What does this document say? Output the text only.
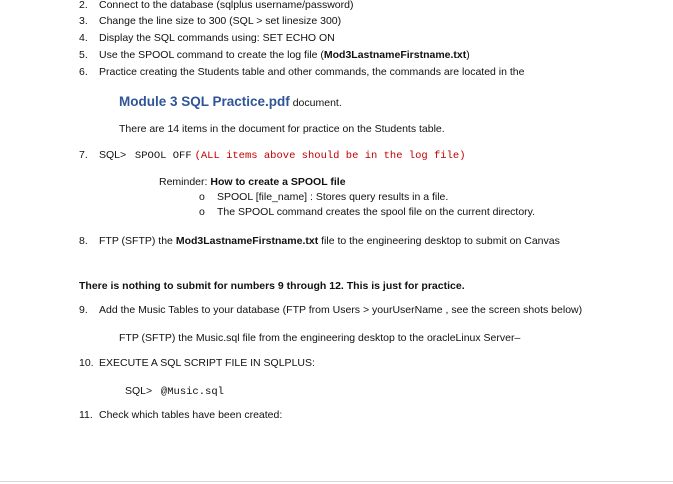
2. Connect to the database (sqlplus username/password)
3. Change the line size to 300 (SQL > set linesize 300)
4. Display the SQL commands using: SET ECHO ON
5. Use the SPOOL command to create the log file (Mod3LastnameFirstname.txt)
6. Practice creating the Students table and other commands, the commands are located in the
Module 3 SQL Practice.pdf document.
There are 14 items in the document for practice on the Students table.
7. SQL> SPOOL OFF (ALL items above should be in the log file)
Reminder: How to create a SPOOL file
o SPOOL [file_name] : Stores query results in a file.
o The SPOOL command creates the spool file on the current directory.
8. FTP (SFTP) the Mod3LastnameFirstname.txt file to the engineering desktop to submit on Canvas
There is nothing to submit for numbers 9 through 12. This is just for practice.
9. Add the Music Tables to your database (FTP from Users > yourUserName , see the screen shots below)
FTP (SFTP) the Music.sql file from the engineering desktop to the oracleLinux Server–
10. EXECUTE A SQL SCRIPT FILE IN SQLPLUS:
SQL> @Music.sql
11. Check which tables have been created:
